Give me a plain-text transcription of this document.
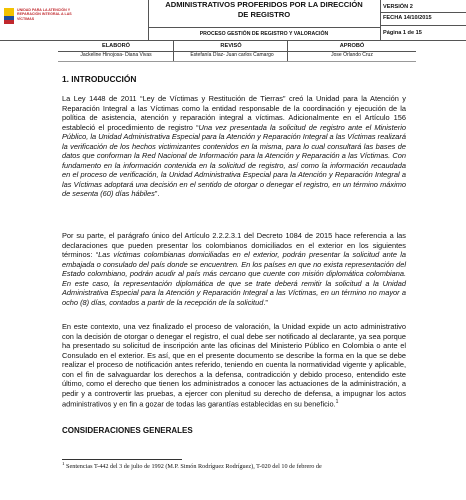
UNIDAD PARA LA ATENCIÓN Y REPARACIÓN INTEGRAL A LAS VÍCTIMAS
ADMINISTRATIVOS PROFERIDOS POR LA DIRECCIÓN
DE REGISTRO
PROCESO GESTIÓN DE REGISTRO Y VALORACIÓN
VERSIÓN 2
FECHA 14/10/2015
Página 1 de 15
ELABORÓ	REVISÓ	APROBÓ
Jackeline Hinojosa- Diana Vivas	Estefanía Díaz- Juan carlos Camargo	Jose Orlando Cruz
1. INTRODUCCIÓN

La Ley 1448 de 2011 “Ley de Víctimas y Restitución de Tierras” creó la Unidad para la Atención y Reparación Integral a las Víctimas como la entidad responsable de la coordinación y ejecución de la política de asistencia, atención y reparación integral a víctimas. Adicionalmente en el Artículo 156 estableció el procedimiento de registro “Una vez presentada la solicitud de registro ante el Ministerio Público, la Unidad Administrativa Especial para la Atención y Reparación Integral a las Víctimas realizará la verificación de los hechos victimizantes contenidos en la misma, para lo cual consultará las bases de datos que conforman la Red Nacional de Información para la Atención y Reparación a las Víctimas. Con fundamento en la información contenida en la solicitud de registro, así como la información recaudada en el proceso de verificación, la Unidad Administrativa Especial para la Atención y Reparación Integral a las Víctimas adoptará una decisión en el sentido de otorgar o denegar el registro, en un término máximo de sesenta (60) días hábiles”.

Por su parte, el parágrafo único del Artículo 2.2.2.3.1 del Decreto 1084 de 2015 hace referencia a las declaraciones que pueden presentar los colombianos domiciliados en el exterior en los siguientes términos: “Las víctimas colombianas domiciliadas en el exterior, podrán presentar la solicitud ante la embajada o consulado del país donde se encuentren. En los países en que no exista representación del Estado colombiano, podrán acudir al país más cercano que cuente con misión diplomática colombiana. En este caso, la representación diplomática de que se trate deberá remitir la solicitud a la Unidad Administrativa Especial para la Atención y Reparación Integral a las Víctimas, en un término no mayor a ocho (8) días, contados a partir de la recepción de la solicitud.”

En este contexto, una vez finalizado el proceso de valoración, la Unidad expide un acto administrativo con la decisión de otorgar o denegar el registro, el cual debe ser notificado al declarante, ya sea porque ha presentado su solicitud de inscripción ante las oficinas del Ministerio Público en Colombia o ante el Consulado en el exterior. Es así, que en el presente documento se describe la forma en la que se debe realizar el proceso de notificación antes referido, teniendo en cuenta la normatividad vigente y aplicable, con el fin de salvaguardar los derechos a la defensa, contradicción y debido proceso, entendido este último, como el derecho que tienen los administrados a conocer las actuaciones de la administración, a pedir y a controvertir las pruebas, a ejercer con plenitud su derecho de defensa, a impugnar los actos administrativos y en fin a gozar de todas las garantías establecidas en su beneficio.$^1$

CONSIDERACIONES GENERALES
$^1$ Sentencias T-442 del 3 de julio de 1992 (M.P. Simón Rodríguez Rodríguez), T-020 del 10 de febrero de
